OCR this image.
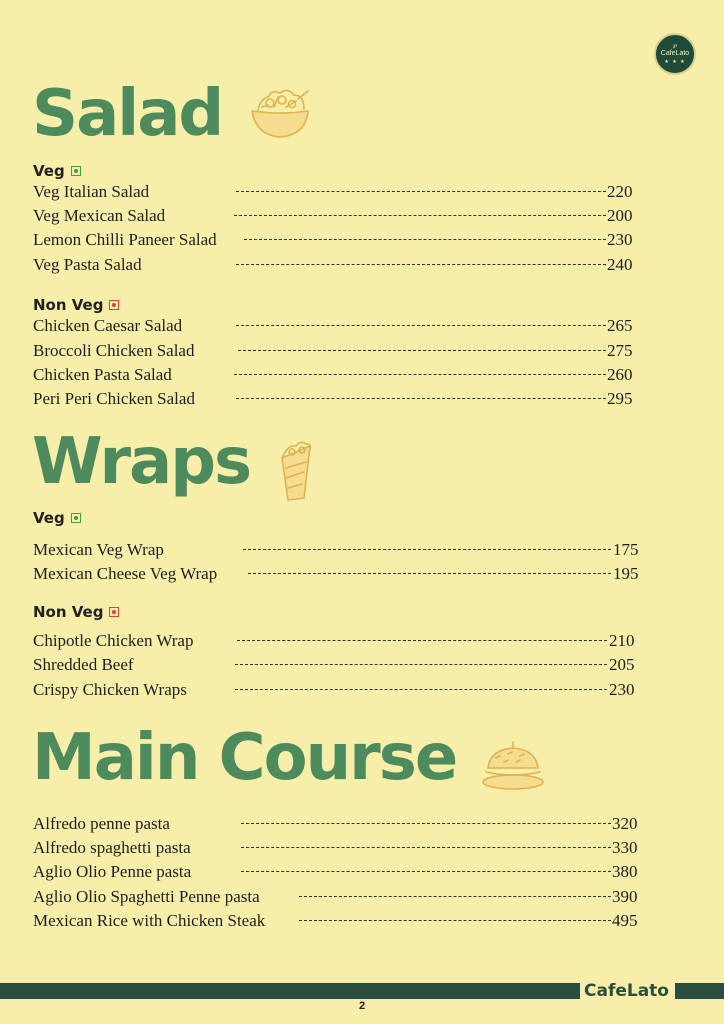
℘
CafeLato
★ ★ ★
Salad
Veg
Veg Italian Salad	220
Veg Mexican Salad	200
Lemon Chilli Paneer Salad	230
Veg Pasta Salad	240
Non Veg
Chicken Caesar Salad	265
Broccoli Chicken Salad	275
Chicken Pasta Salad	260
Peri Peri Chicken Salad	295
Wraps
Veg
Mexican Veg Wrap	175
Mexican Cheese Veg Wrap	195
Non Veg
Chipotle Chicken Wrap	210
Shredded Beef	205
Crispy Chicken Wraps	230
Main Course
Alfredo penne pasta	320
Alfredo spaghetti pasta	330
Aglio Olio Penne pasta	380
Aglio Olio Spaghetti Penne pasta	390
Mexican Rice with Chicken Steak	495
CafeLato
2
